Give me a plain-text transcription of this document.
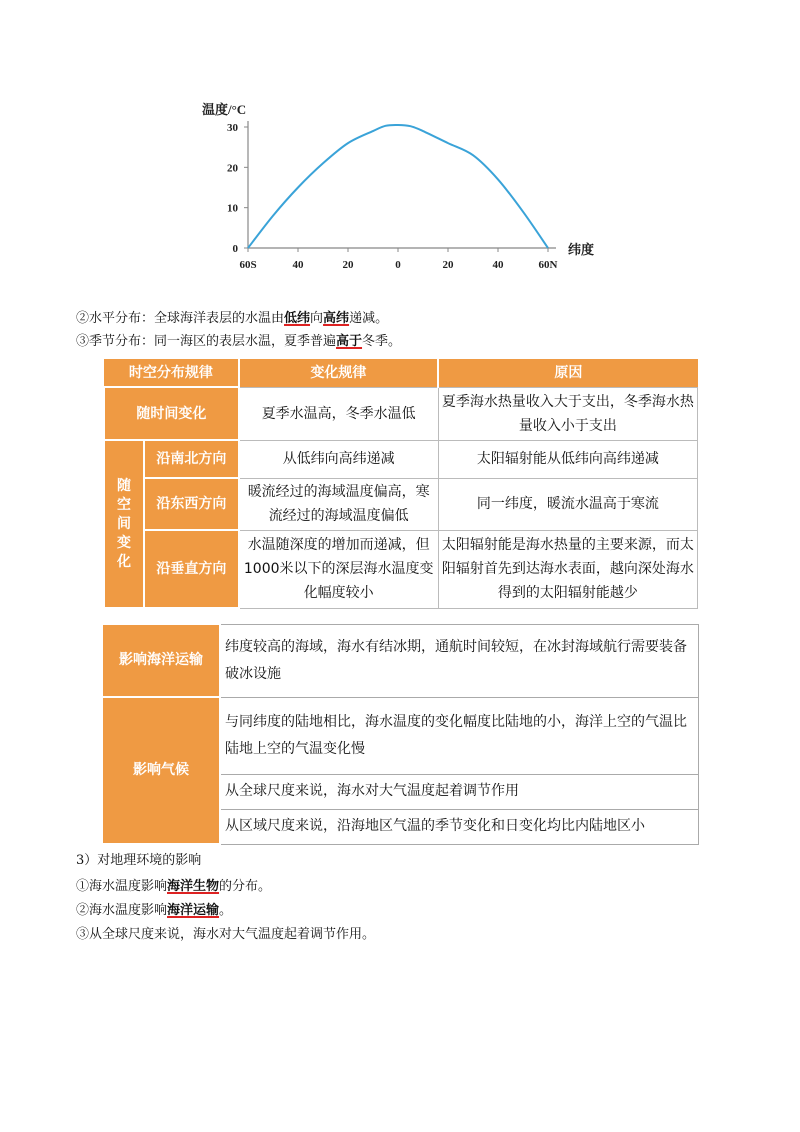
温度/°C
纬度
30
20
10
0
60S	40	20	0	20	40	60N
②水平分布：全球海洋表层的水温由低纬向高纬递减。
③季节分布：同一海区的表层水温，夏季普遍高于冬季。
时空分布规律		变化规律	原因
随时间变化		夏季水温高，冬季水温低	夏季海水热量收入大于支出，冬季海水热量收入小于支出
随空间变化	沿南北方向	从低纬向高纬递减	太阳辐射能从低纬向高纬递减
	沿东西方向	暖流经过的海域温度偏高，寒流经过的海域温度偏低	同一纬度，暖流水温高于寒流
	沿垂直方向	水温随深度的增加而递减，但1000米以下的深层海水温度变化幅度较小	太阳辐射能是海水热量的主要来源，而太阳辐射首先到达海水表面，越向深处海水得到的太阳辐射能越少
影响海洋运输	纬度较高的海域，海水有结冰期，通航时间较短，在冰封海域航行需要装备破冰设施
影响气候	与同纬度的陆地相比，海水温度的变化幅度比陆地的小，海洋上空的气温比陆地上空的气温变化慢
	从全球尺度来说，海水对大气温度起着调节作用
	从区域尺度来说，沿海地区气温的季节变化和日变化均比内陆地区小
3）对地理环境的影响
①海水温度影响海洋生物的分布。
②海水温度影响海洋运输。
③从全球尺度来说，海水对大气温度起着调节作用。
